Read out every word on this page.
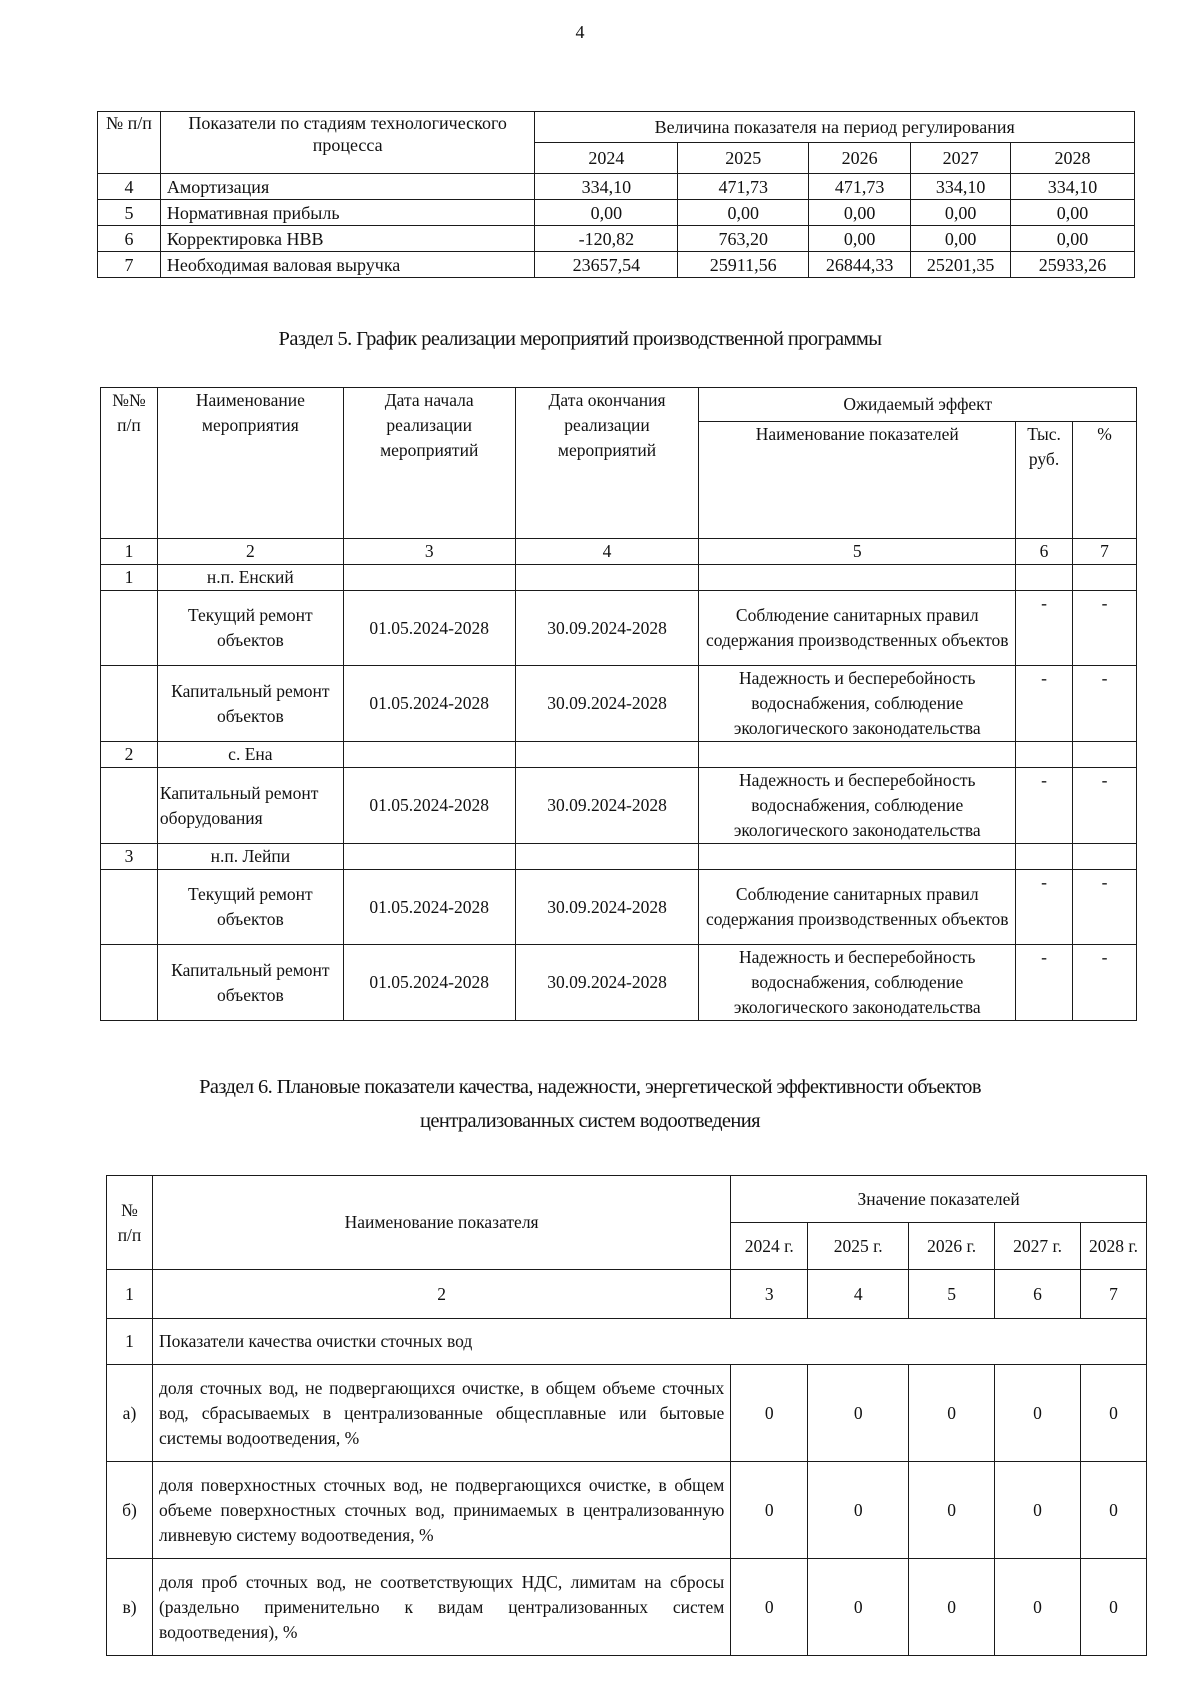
4
№ п/п	Показатели по стадиям технологического процесса	Величина показателя на период регулирования				
		2024	2025	2026	2027	2028
4	Амортизация	334,10	471,73	471,73	334,10	334,10
5	Нормативная прибыль	0,00	0,00	0,00	0,00	0,00
6	Корректировка НВВ	-120,82	763,20	0,00	0,00	0,00
7	Необходимая валовая выручка	23657,54	25911,56	26844,33	25201,35	25933,26
Раздел 5. График реализации мероприятий производственной программы
№№ п/п	Наименование мероприятия	Дата начала реализации мероприятий	Дата окончания реализации мероприятий	Ожидаемый эффект		
				Наименование показателей	Тыс. руб.	%
1	2	3	4	5	6	7
1	н.п. Енский					
	Текущий ремонт объектов	01.05.2024-2028	30.09.2024-2028	Соблюдение санитарных правил содержания производственных объектов	-	-
	Капитальный ремонт объектов	01.05.2024-2028	30.09.2024-2028	Надежность и бесперебойность водоснабжения, соблюдение экологического законодательства	-	-
2	с. Ена					
	Капитальный ремонт оборудования	01.05.2024-2028	30.09.2024-2028	Надежность и бесперебойность водоснабжения, соблюдение экологического законодательства	-	-
3	н.п. Лейпи					
	Текущий ремонт объектов	01.05.2024-2028	30.09.2024-2028	Соблюдение санитарных правил содержания производственных объектов	-	-
	Капитальный ремонт объектов	01.05.2024-2028	30.09.2024-2028	Надежность и бесперебойность водоснабжения, соблюдение экологического законодательства	-	-
Раздел 6. Плановые показатели качества, надежности, энергетической эффективности объектов
централизованных систем водоотведения
№ п/п	Наименование показателя	Значение показателей				
		2024 г.	2025 г.	2026 г.	2027 г.	2028 г.
1	2	3	4	5	6	7
1	Показатели качества очистки сточных вод					
а)	доля сточных вод, не подвергающихся очистке, в общем объеме сточных вод, сбрасываемых в централизованные общесплавные или бытовые системы водоотведения, %	0	0	0	0	0
б)	доля поверхностных сточных вод, не подвергающихся очистке, в общем объеме поверхностных сточных вод, принимаемых в централизованную ливневую систему водоотведения, %	0	0	0	0	0
в)	доля проб сточных вод, не соответствующих НДС, лимитам на сбросы (раздельно применительно к видам централизованных систем водоотведения), %	0	0	0	0	0
